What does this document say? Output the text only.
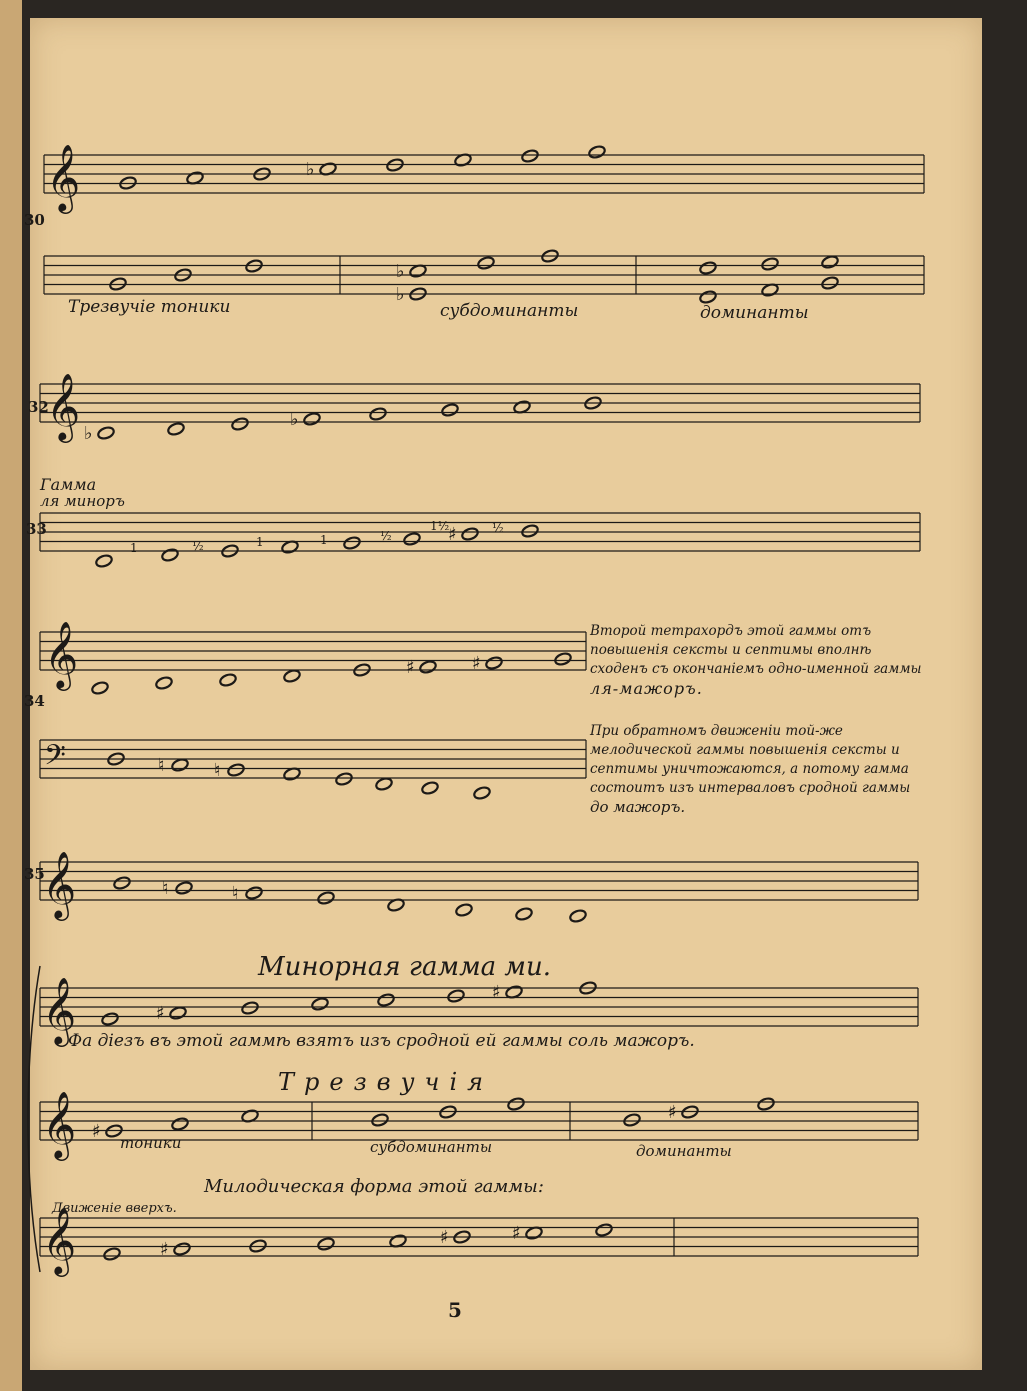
𝄞	♭
♭
♭
𝄞 ♭
♭
♯
𝄞	♯	♯
𝄢	♮	♮
𝄞	♮	♮
𝄞	♯
♯
𝄞 ♯
♯
𝄞	♯
♯	♯
30
32
33
34
35
Трезвучіе тоники	субдоминанты	доминанты
Гамма
ля миноръ
1	½	1	1	½
1½	½
Минорная гамма ми.
Фа діезъ въ этой гаммѣ взятъ изъ сродной ей гаммы соль мажоръ.
Трезвучія
тоники	субдоминанты	доминанты
Милодическая форма этой гаммы:
Движеніе вверхъ.
Второй тетрахордъ этой гаммы отъ повышенія сексты и септимы вполнѣ сходенъ съ окончаніемъ одно-именной гаммы ля-мажоръ.
При обратномъ движеніи той-же мелодической гаммы повышенія сексты и септимы уничтожаются, а потому гамма состоитъ изъ интерваловъ сродной гаммы до мажоръ.
5
